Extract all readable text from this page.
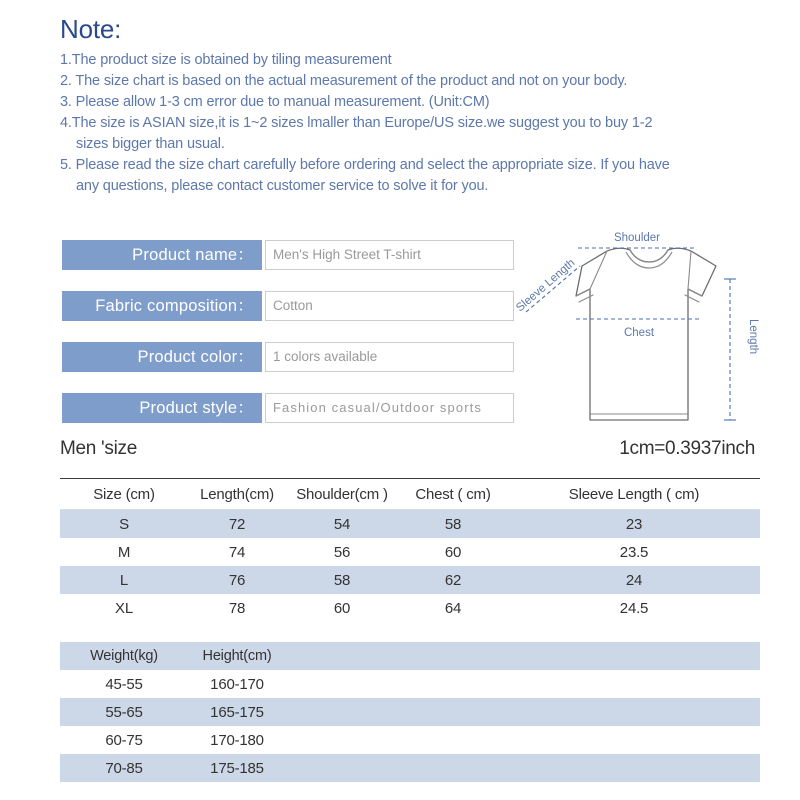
Note:
1.The product size is obtained by tiling measurement
2. The size chart is based on the actual measurement of the product and not on your body.
3. Please allow 1-3 cm error due to manual measurement. (Unit:CM)
4.The size is ASIAN size,it is 1~2 sizes lmaller than Europe/US size.we suggest you to buy 1-2
sizes bigger than usual.
5. Please read the size chart carefully before ordering and select the appropriate size. If you have
any questions, please contact customer service to solve it for you.
Product name：	Men's High Street T-shirt
Fabric composition：	Cotton
Product color：	1 colors available
Product style：	Fashion casual/Outdoor sports
Shoulder
Chest
Sleeve Length
Length
Men 'size	1cm=0.3937inch
Size (cm)	Length(cm)	Shoulder(cm )	Chest ( cm)	Sleeve Length ( cm)
S	72	54	58	23
M	74	56	60	23.5
L	76	58	62	24
XL	78	60	64	24.5
Weight(kg)	Height(cm)	
45-55	160-170	
55-65	165-175	
60-75	170-180	
70-85	175-185	
